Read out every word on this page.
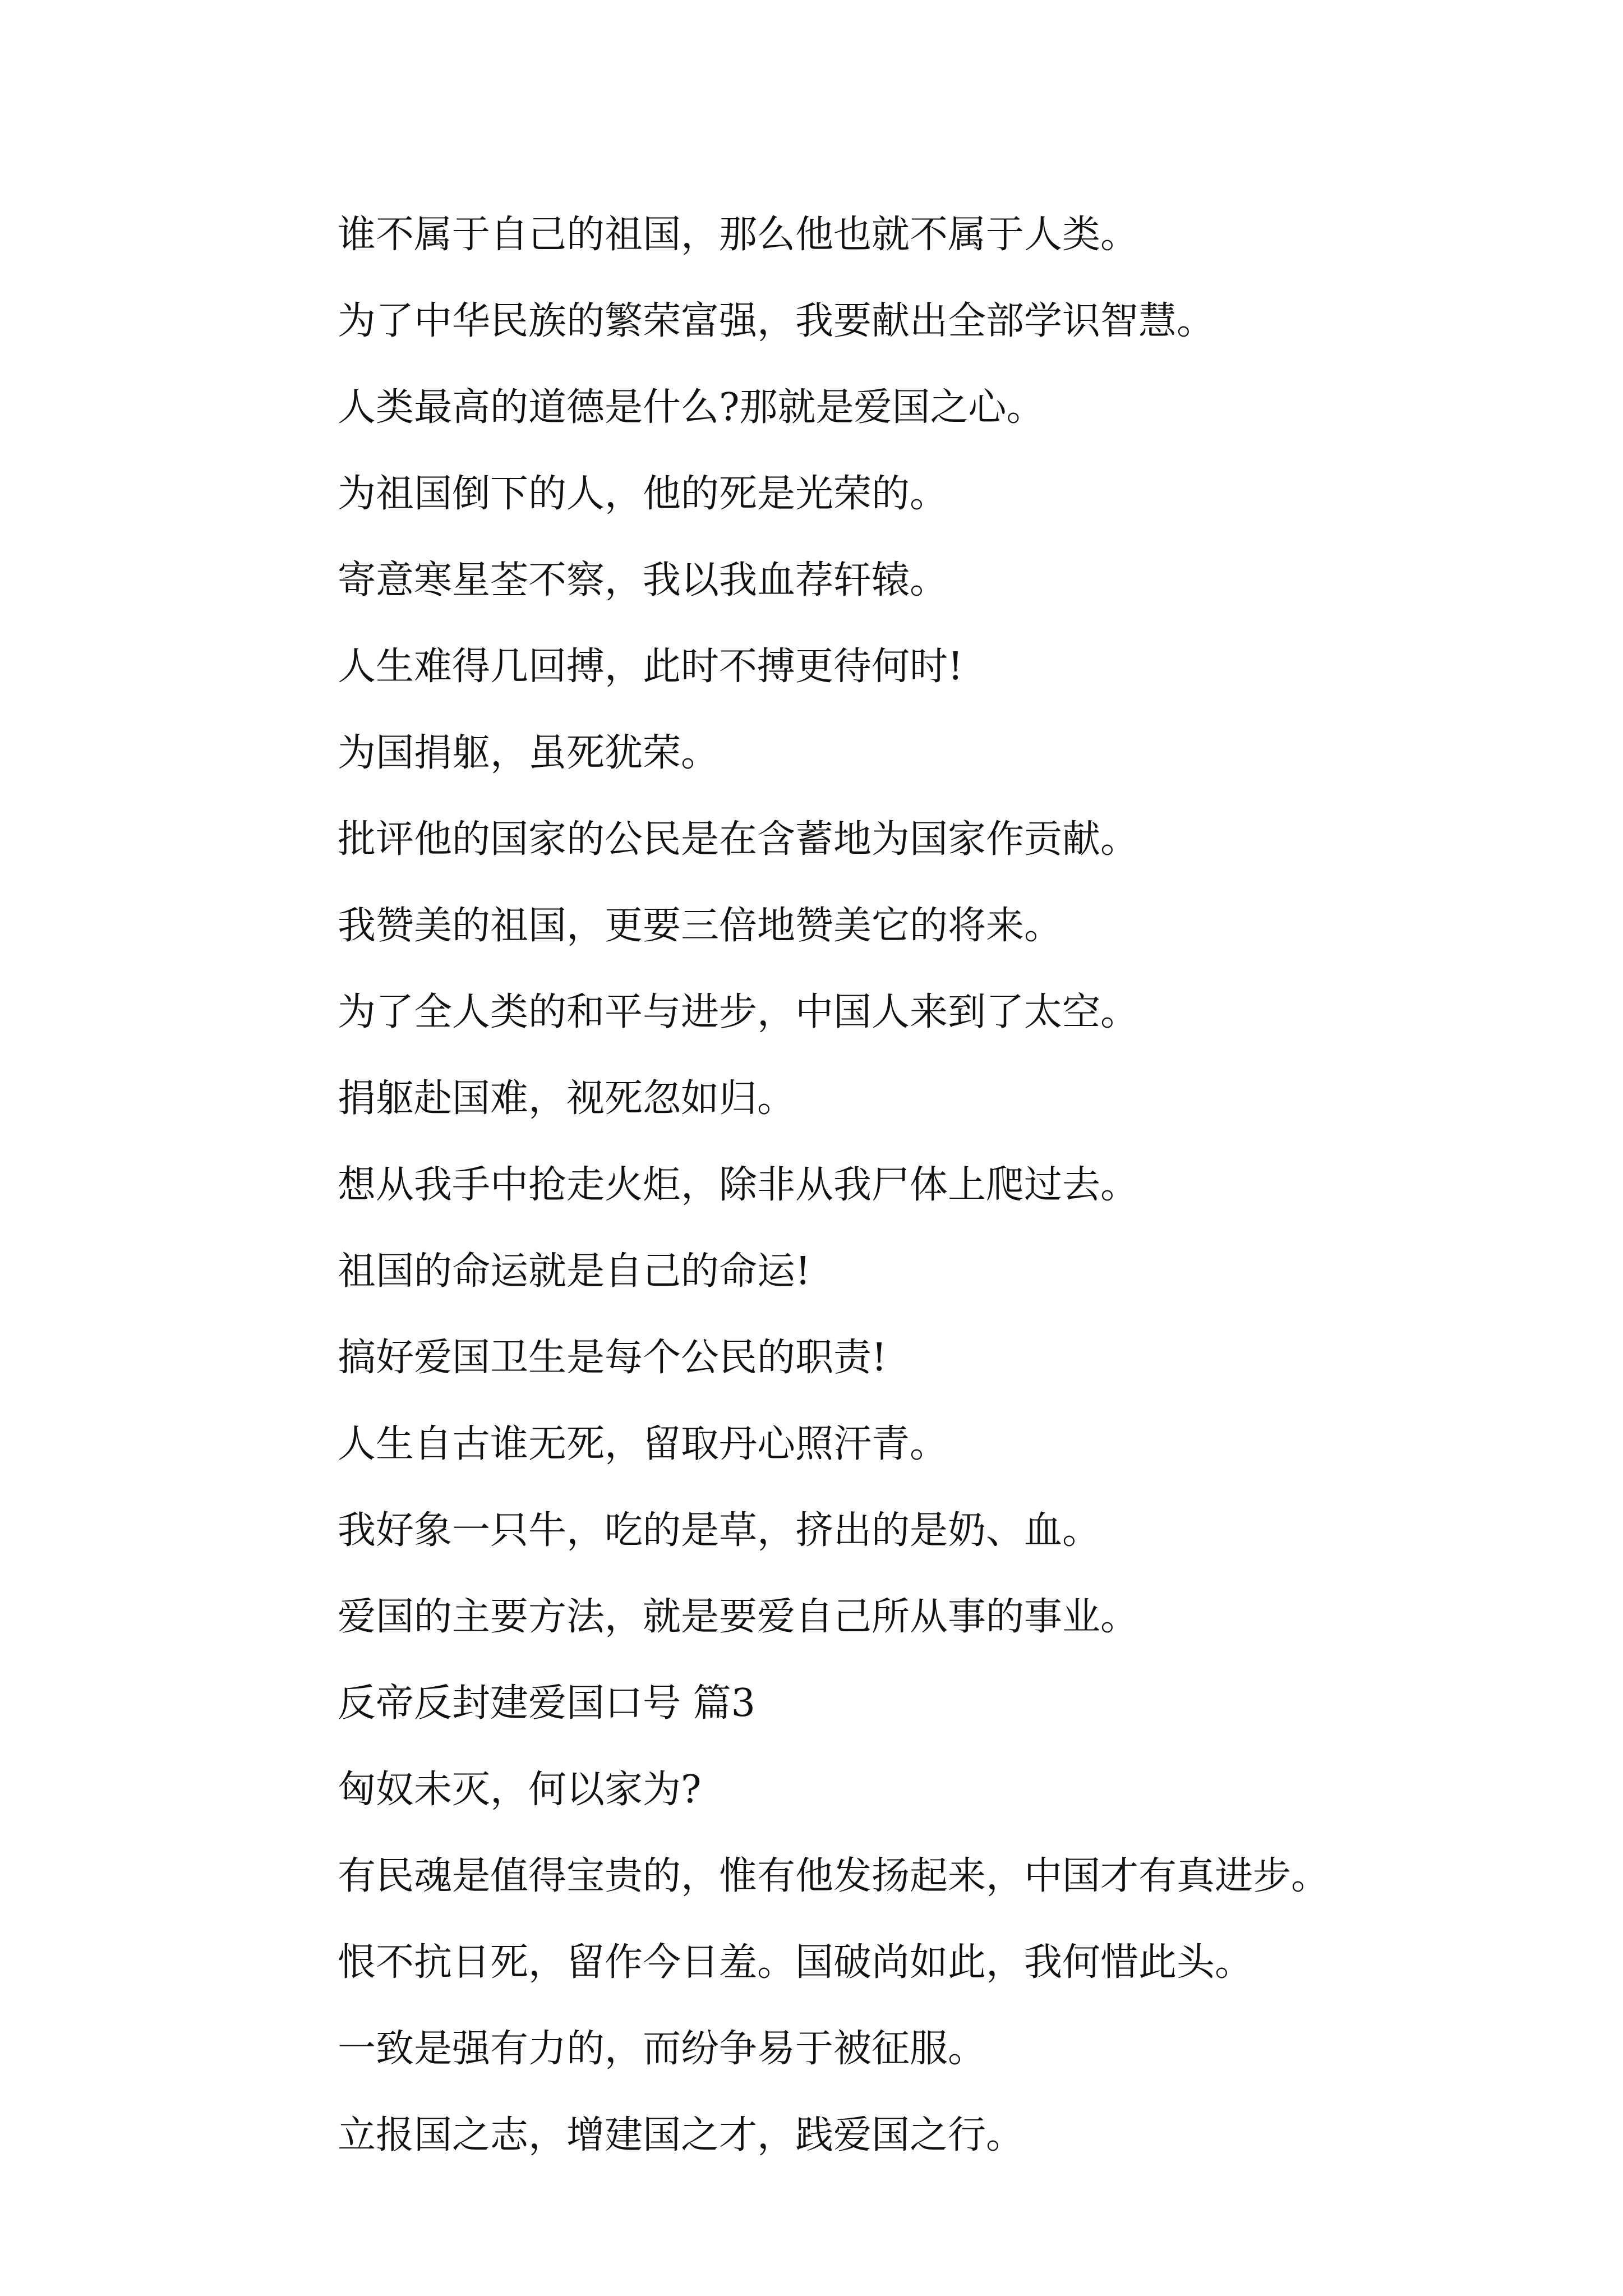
谁不属于自己的祖国，那么他也就不属于人类。
为了中华民族的繁荣富强，我要献出全部学识智慧。
人类最高的道德是什么?那就是爱国之心。
为祖国倒下的人，他的死是光荣的。
寄意寒星荃不察，我以我血荐轩辕。
人生难得几回搏，此时不搏更待何时!
为国捐躯，虽死犹荣。
批评他的国家的公民是在含蓄地为国家作贡献。
我赞美的祖国，更要三倍地赞美它的将来。
为了全人类的和平与进步，中国人来到了太空。
捐躯赴国难，视死忽如归。
想从我手中抢走火炬，除非从我尸体上爬过去。
祖国的命运就是自己的命运!
搞好爱国卫生是每个公民的职责!
人生自古谁无死，留取丹心照汗青。
我好象一只牛，吃的是草，挤出的是奶、血。
爱国的主要方法，就是要爱自己所从事的事业。
反帝反封建爱国口号 篇3
匈奴未灭，何以家为?
有民魂是值得宝贵的，惟有他发扬起来，中国才有真进步。
恨不抗日死，留作今日羞。国破尚如此，我何惜此头。
一致是强有力的，而纷争易于被征服。
立报国之志，增建国之才，践爱国之行。
